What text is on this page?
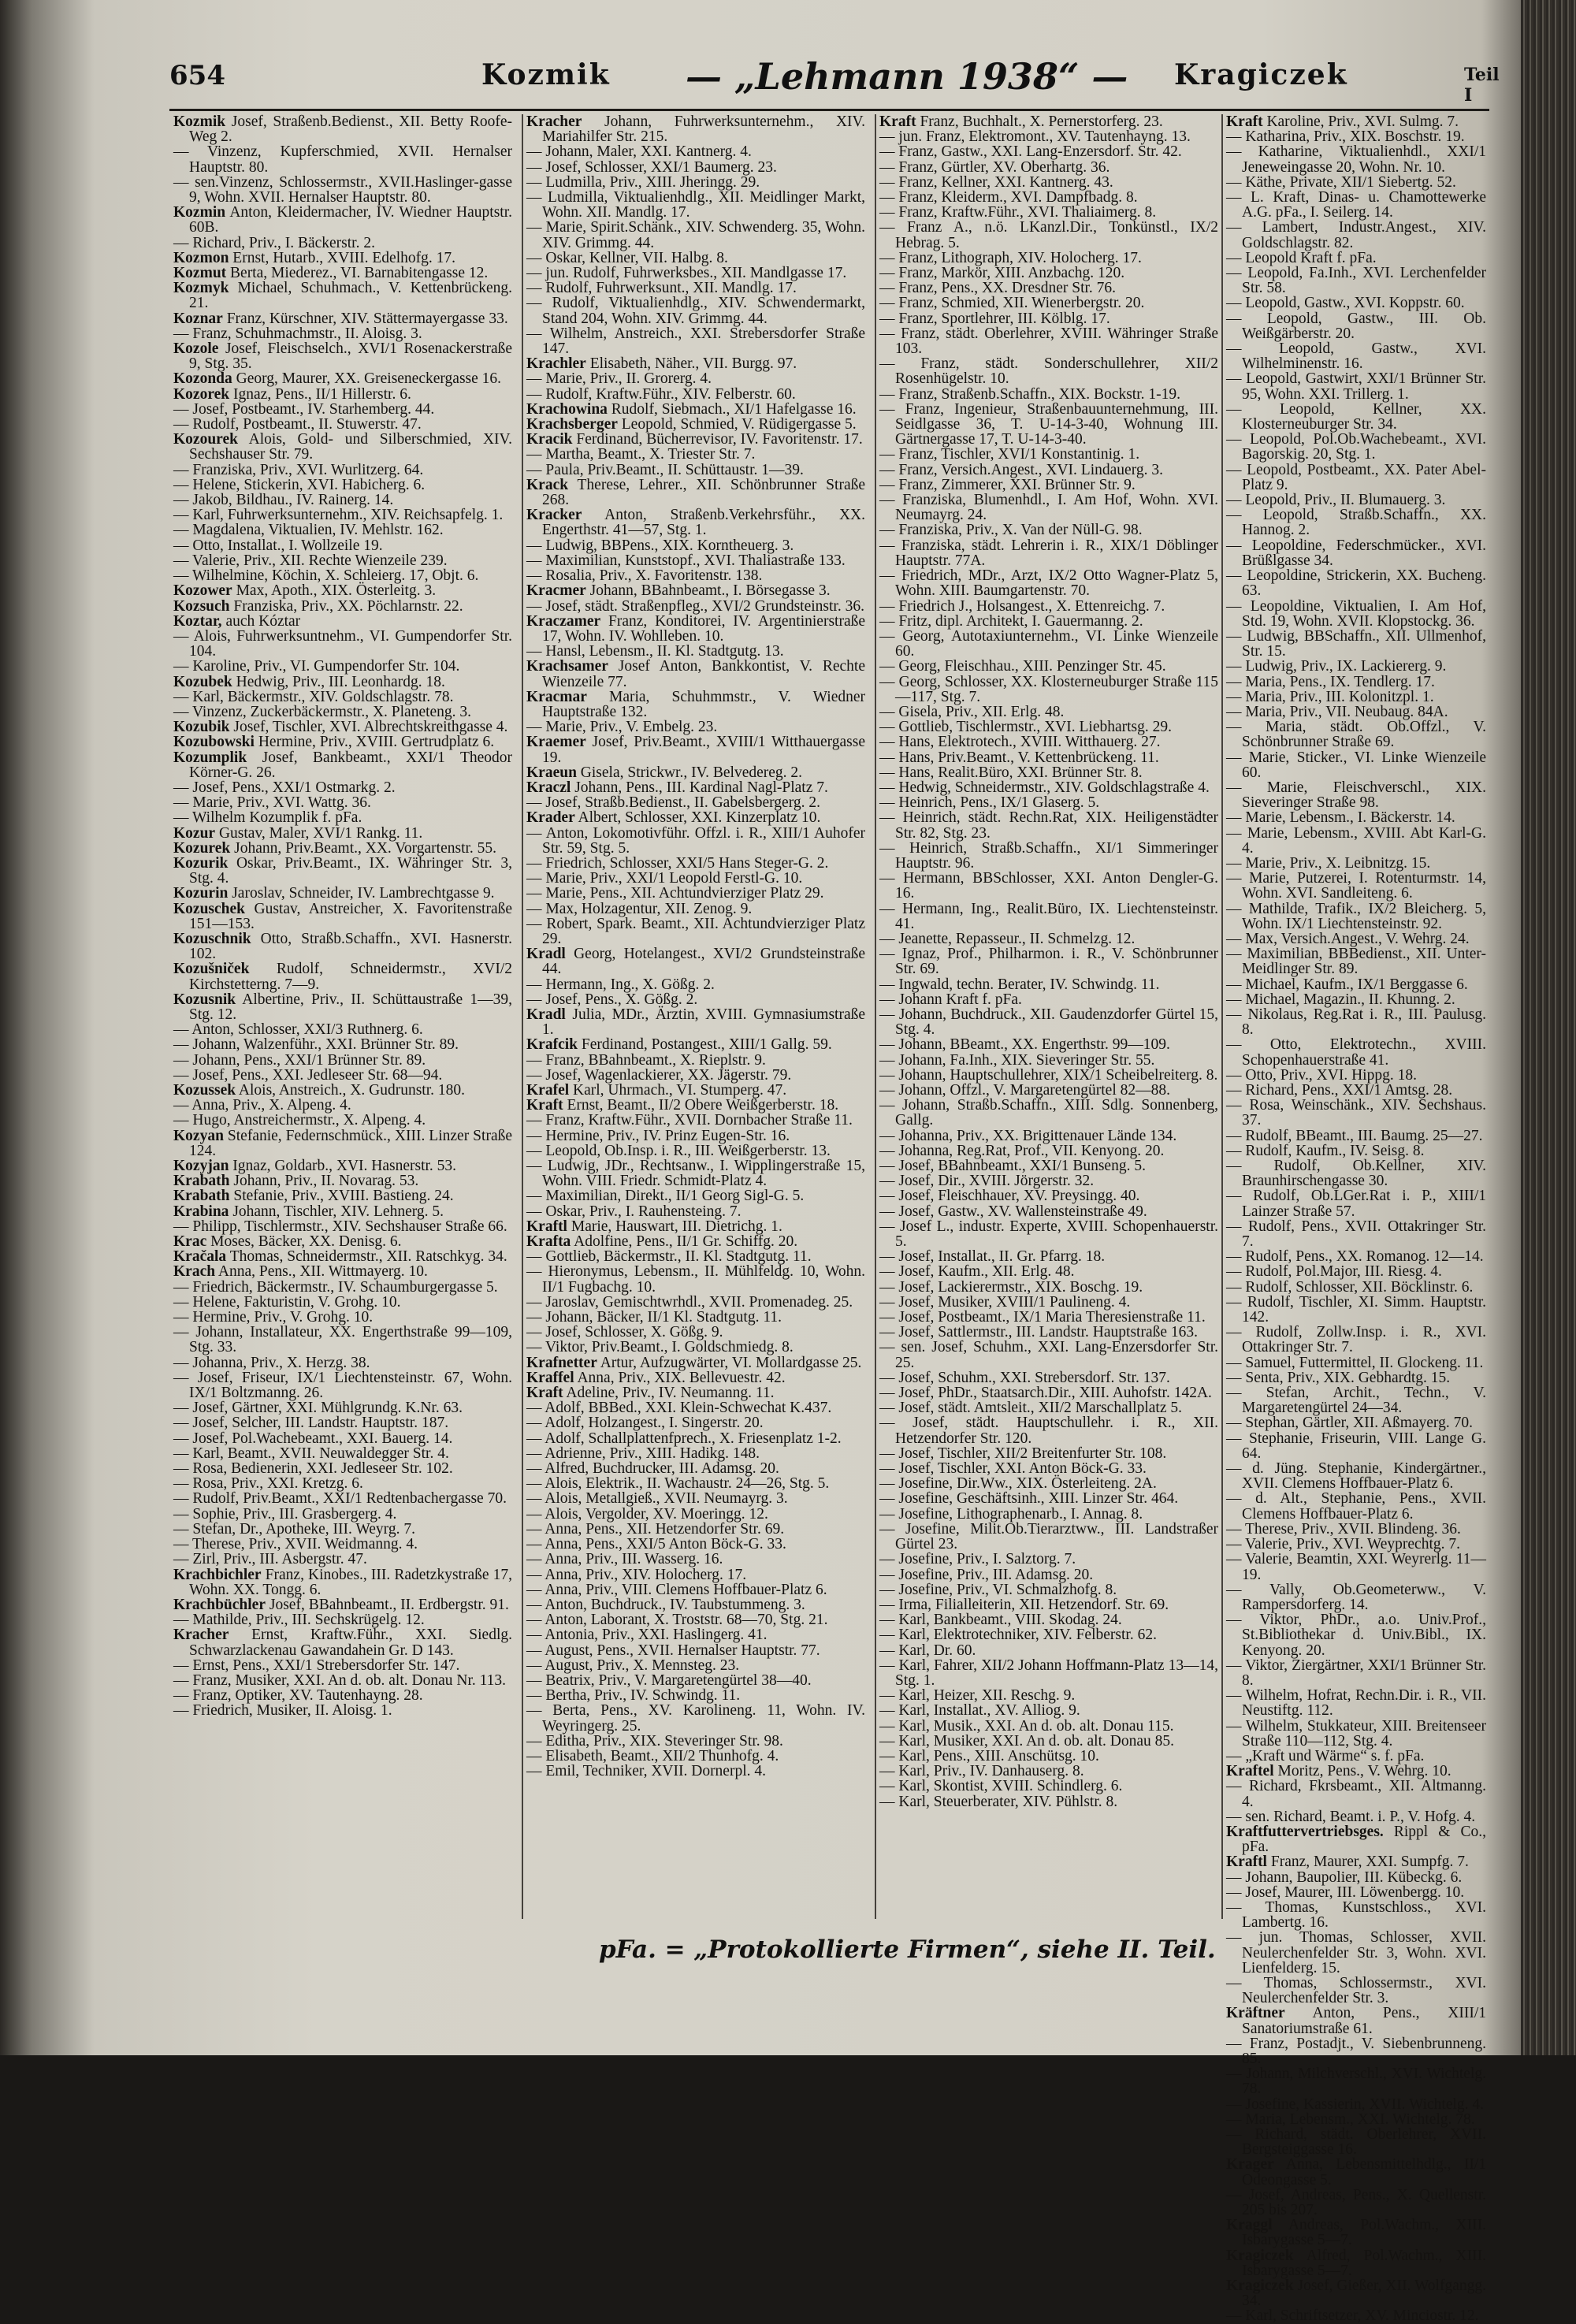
654	Kozmik — „Lehmann 1938“ — Kragiczek	Teil I
Kozmik Josef, Straßenb.Bedienst., XII. Betty Roofe-Weg 2.
— Vinzenz, Kupferschmied, XVII. Hernalser Hauptstr. 80.
— sen.Vinzenz, Schlossermstr., XVII.Haslinger-gasse 9, Wohn. XVII. Hernalser Hauptstr. 80.
Kozmin Anton, Kleidermacher, IV. Wiedner Hauptstr. 60B.
— Richard, Priv., I. Bäckerstr. 2.
Kozmon Ernst, Hutarb., XVIII. Edelhofg. 17.
Kozmut Berta, Miederez., VI. Barnabitengasse 12.
Kozmyk Michael, Schuhmach., V. Kettenbrückeng. 21.
Koznar Franz, Kürschner, XIV. Stättermayergasse 33.
— Franz, Schuhmachmstr., II. Aloisg. 3.
Kozole Josef, Fleischselch., XVI/1 Rosenackerstraße 9, Stg. 35.
Kozonda Georg, Maurer, XX. Greiseneckergasse 16.
Kozorek Ignaz, Pens., II/1 Hillerstr. 6.
— Josef, Postbeamt., IV. Starhemberg. 44.
— Rudolf, Postbeamt., II. Stuwerstr. 47.
Kozourek Alois, Gold- und Silberschmied, XIV. Sechshauser Str. 79.
— Franziska, Priv., XVI. Wurlitzerg. 64.
— Helene, Stickerin, XVI. Habicherg. 6.
— Jakob, Bildhau., IV. Rainerg. 14.
— Karl, Fuhrwerksunternehm., XIV. Reichsapfelg. 1.
— Magdalena, Viktualien, IV. Mehlstr. 162.
— Otto, Installat., I. Wollzeile 19.
— Valerie, Priv., XII. Rechte Wienzeile 239.
— Wilhelmine, Köchin, X. Schleierg. 17, Objt. 6.
Kozower Max, Apoth., XIX. Österleitg. 3.
Kozsuch Franziska, Priv., XX. Pöchlarnstr. 22.
Koztar, auch Kóztar
— Alois, Fuhrwerksuntnehm., VI. Gumpendorfer Str. 104.
— Karoline, Priv., VI. Gumpendorfer Str. 104.
Kozubek Hedwig, Priv., III. Leonhardg. 18.
— Karl, Bäckermstr., XIV. Goldschlagstr. 78.
— Vinzenz, Zuckerbäckermstr., X. Planeteng. 3.
Kozubik Josef, Tischler, XVI. Albrechtskreithgasse 4.
Kozubowski Hermine, Priv., XVIII. Gertrudplatz 6.
Kozumplik Josef, Bankbeamt., XXI/1 Theodor Körner-G. 26.
— Josef, Pens., XXI/1 Ostmarkg. 2.
— Marie, Priv., XVI. Wattg. 36.
— Wilhelm Kozumplik f. pFa.
Kozur Gustav, Maler, XVI/1 Rankg. 11.
Kozurek Johann, Priv.Beamt., XX. Vorgartenstr. 55.
Kozurik Oskar, Priv.Beamt., IX. Währinger Str. 3, Stg. 4.
Kozurin Jaroslav, Schneider, IV. Lambrechtgasse 9.
Kozuschek Gustav, Anstreicher, X. Favoritenstraße 151—153.
Kozuschnik Otto, Straßb.Schaffn., XVI. Hasnerstr. 102.
Kozušniček Rudolf, Schneidermstr., XVI/2 Kirchstetterng. 7—9.
Kozusnik Albertine, Priv., II. Schüttaustraße 1—39, Stg. 12.
— Anton, Schlosser, XXI/3 Ruthnerg. 6.
— Johann, Walzenführ., XXI. Brünner Str. 89.
— Johann, Pens., XXI/1 Brünner Str. 89.
— Josef, Pens., XXI. Jedleseer Str. 68—94.
Kozussek Alois, Anstreich., X. Gudrunstr. 180.
— Anna, Priv., X. Alpeng. 4.
— Hugo, Anstreichermstr., X. Alpeng. 4.
Kozyan Stefanie, Federnschmück., XIII. Linzer Straße 124.
Kozyjan Ignaz, Goldarb., XVI. Hasnerstr. 53.
Krabath Johann, Priv., II. Novarag. 53.
Krabath Stefanie, Priv., XVIII. Bastieng. 24.
Krabina Johann, Tischler, XIV. Lehnerg. 5.
— Philipp, Tischlermstr., XIV. Sechshauser Straße 66.
Krac Moses, Bäcker, XX. Denisg. 6.
Kračala Thomas, Schneidermstr., XII. Ratschkyg. 34.
Krach Anna, Pens., XII. Wittmayerg. 10.
— Friedrich, Bäckermstr., IV. Schaumburgergasse 5.
— Helene, Fakturistin, V. Grohg. 10.
— Hermine, Priv., V. Grohg. 10.
— Johann, Installateur, XX. Engerthstraße 99—109, Stg. 33.
— Johanna, Priv., X. Herzg. 38.
— Josef, Friseur, IX/1 Liechtensteinstr. 67, Wohn. IX/1 Boltzmanng. 26.
— Josef, Gärtner, XXI. Mühlgrundg. K.Nr. 63.
— Josef, Selcher, III. Landstr. Hauptstr. 187.
— Josef, Pol.Wachebeamt., XXI. Bauerg. 14.
— Karl, Beamt., XVII. Neuwaldegger Str. 4.
— Rosa, Bedienerin, XXI. Jedleseer Str. 102.
— Rosa, Priv., XXI. Kretzg. 6.
— Rudolf, Priv.Beamt., XXI/1 Redtenbachergasse 70.
— Sophie, Priv., III. Grasbergerg. 4.
— Stefan, Dr., Apotheke, III. Weyrg. 7.
— Therese, Priv., XVII. Weidmanng. 4.
— Zirl, Priv., III. Asbergstr. 47.
Krachbichler Franz, Kinobes., III. Radetzkystraße 17, Wohn. XX. Tongg. 6.
Krachbüchler Josef, BBahnbeamt., II. Erdbergstr. 91.
— Mathilde, Priv., III. Sechskrügelg. 12.
Kracher Ernst, Kraftw.Führ., XXI. Siedlg. Schwarzlackenau Gawandahein Gr. D 143.
— Ernst, Pens., XXI/1 Strebersdorfer Str. 147.
— Franz, Musiker, XXI. An d. ob. alt. Donau Nr. 113.
— Franz, Optiker, XV. Tautenhayng. 28.
— Friedrich, Musiker, II. Aloisg. 1.
Kracher Johann, Fuhrwerksunternehm., XIV. Mariahilfer Str. 215.
— Johann, Maler, XXI. Kantnerg. 4.
— Josef, Schlosser, XXI/1 Baumerg. 23.
— Ludmilla, Priv., XIII. Jheringg. 29.
— Ludmilla, Viktualienhdlg., XII. Meidlinger Markt, Wohn. XII. Mandlg. 17.
— Marie, Spirit.Schänk., XIV. Schwenderg. 35, Wohn. XIV. Grimmg. 44.
— Oskar, Kellner, VII. Halbg. 8.
— jun. Rudolf, Fuhrwerksbes., XII. Mandlgasse 17.
— Rudolf, Fuhrwerksunt., XII. Mandlg. 17.
— Rudolf, Viktualienhdlg., XIV. Schwendermarkt, Stand 204, Wohn. XIV. Grimmg. 44.
— Wilhelm, Anstreich., XXI. Strebersdorfer Straße 147.
Krachler Elisabeth, Näher., VII. Burgg. 97.
— Marie, Priv., II. Grorerg. 4.
— Rudolf, Kraftw.Führ., XIV. Felberstr. 60.
Krachowina Rudolf, Siebmach., XI/1 Hafelgasse 16.
Krachsberger Leopold, Schmied, V. Rüdigergasse 5.
Kracik Ferdinand, Bücherrevisor, IV. Favoritenstr. 17.
— Martha, Beamt., X. Triester Str. 7.
— Paula, Priv.Beamt., II. Schüttaustr. 1—39.
Krack Therese, Lehrer., XII. Schönbrunner Straße 268.
Kracker Anton, Straßenb.Verkehrsführ., XX. Engerthstr. 41—57, Stg. 1.
— Ludwig, BBPens., XIX. Korntheuerg. 3.
— Maximilian, Kunststopf., XVI. Thaliastraße 133.
— Rosalia, Priv., X. Favoritenstr. 138.
Kracmer Johann, BBahnbeamt., I. Börsegasse 3.
— Josef, städt. Straßenpfleg., XVI/2 Grundsteinstr. 36.
Kraczamer Franz, Konditorei, IV. Argentinierstraße 17, Wohn. IV. Wohlleben. 10.
— Hansl, Lebensm., II. Kl. Stadtgutg. 13.
Krachsamer Josef Anton, Bankkontist, V. Rechte Wienzeile 77.
Kracmar Maria, Schuhmmstr., V. Wiedner Hauptstraße 132.
— Marie, Priv., V. Embelg. 23.
Kraemer Josef, Priv.Beamt., XVIII/1 Witthauergasse 19.
Kraeun Gisela, Strickwr., IV. Belvedereg. 2.
Kraczl Johann, Pens., III. Kardinal Nagl-Platz 7.
— Josef, Straßb.Bedienst., II. Gabelsbergerg. 2.
Krader Albert, Schlosser, XXI. Kinzerplatz 10.
— Anton, Lokomotivführ. Offzl. i. R., XIII/1 Auhofer Str. 59, Stg. 5.
— Friedrich, Schlosser, XXI/5 Hans Steger-G. 2.
— Marie, Priv., XXI/1 Leopold Ferstl-G. 10.
— Marie, Pens., XII. Achtundvierziger Platz 29.
— Max, Holzagentur, XII. Zenog. 9.
— Robert, Spark. Beamt., XII. Achtundvierziger Platz 29.
Kradl Georg, Hotelangest., XVI/2 Grundsteinstraße 44.
— Hermann, Ing., X. Gößg. 2.
— Josef, Pens., X. Gößg. 2.
Kradl Julia, MDr., Ärztin, XVIII. Gymnasiumstraße 1.
Krafcik Ferdinand, Postangest., XIII/1 Gallg. 59.
— Franz, BBahnbeamt., X. Rieplstr. 9.
— Josef, Wagenlackierer, XX. Jägerstr. 79.
Krafel Karl, Uhrmach., VI. Stumperg. 47.
Kraft Ernst, Beamt., II/2 Obere Weißgerberstr. 18.
— Franz, Kraftw.Führ., XVII. Dornbacher Straße 11.
— Hermine, Priv., IV. Prinz Eugen-Str. 16.
— Leopold, Ob.Insp. i. R., III. Weißgerberstr. 13.
— Ludwig, JDr., Rechtsanw., I. Wipplingerstraße 15, Wohn. VIII. Friedr. Schmidt-Platz 4.
— Maximilian, Direkt., II/1 Georg Sigl-G. 5.
— Oskar, Priv., I. Rauhensteing. 7.
Kraftl Marie, Hauswart, III. Dietrichg. 1.
Krafta Adolfine, Pens., II/1 Gr. Schiffg. 20.
— Gottlieb, Bäckermstr., II. Kl. Stadtgutg. 11.
— Hieronymus, Lebensm., II. Mühlfeldg. 10, Wohn. II/1 Fugbachg. 10.
— Jaroslav, Gemischtwrhdl., XVII. Promenadeg. 25.
— Johann, Bäcker, II/1 Kl. Stadtgutg. 11.
— Josef, Schlosser, X. Gößg. 9.
— Viktor, Priv.Beamt., I. Goldschmiedg. 8.
Krafnetter Artur, Aufzugwärter, VI. Mollardgasse 25.
Kraffel Anna, Priv., XIX. Bellevuestr. 42.
Kraft Adeline, Priv., IV. Neumanng. 11.
— Adolf, BBBed., XXI. Klein-Schwechat K.437.
— Adolf, Holzangest., I. Singerstr. 20.
— Adolf, Schallplattenfprech., X. Friesenplatz 1-2.
— Adrienne, Priv., XIII. Hadikg. 148.
— Alfred, Buchdrucker, III. Adamsg. 20.
— Alois, Elektrik., II. Wachaustr. 24—26, Stg. 5.
— Alois, Metallgieß., XVII. Neumayrg. 3.
— Alois, Vergolder, XV. Moeringg. 12.
— Anna, Pens., XII. Hetzendorfer Str. 69.
— Anna, Pens., XXI/5 Anton Böck-G. 33.
— Anna, Priv., III. Wasserg. 16.
— Anna, Priv., XIV. Holocherg. 17.
— Anna, Priv., VIII. Clemens Hoffbauer-Platz 6.
— Anton, Buchdruck., IV. Taubstummeng. 3.
— Anton, Laborant, X. Troststr. 68—70, Stg. 21.
— Antonia, Priv., XXI. Haslingerg. 41.
— August, Pens., XVII. Hernalser Hauptstr. 77.
— August, Priv., X. Mennsteg. 23.
— Beatrix, Priv., V. Margaretengürtel 38—40.
— Bertha, Priv., IV. Schwindg. 11.
— Berta, Pens., XV. Karolineng. 11, Wohn. IV. Weyringerg. 25.
— Editha, Priv., XIX. Steveringer Str. 98.
— Elisabeth, Beamt., XII/2 Thunhofg. 4.
— Emil, Techniker, XVII. Dornerpl. 4.
Kraft Franz, Buchhalt., X. Pernerstorferg. 23.
— jun. Franz, Elektromont., XV. Tautenhayng. 13.
— Franz, Gastw., XXI. Lang-Enzersdorf. Str. 42.
— Franz, Gürtler, XV. Oberhartg. 36.
— Franz, Kellner, XXI. Kantnerg. 43.
— Franz, Kleiderm., XVI. Dampfbadg. 8.
— Franz, Kraftw.Führ., XVI. Thaliaimerg. 8.
— Franz A., n.ö. LKanzl.Dir., Tonkünstl., IX/2 Hebrag. 5.
— Franz, Lithograph, XIV. Holocherg. 17.
— Franz, Markör, XIII. Anzbachg. 120.
— Franz, Pens., XX. Dresdner Str. 76.
— Franz, Schmied, XII. Wienerbergstr. 20.
— Franz, Sportlehrer, III. Kölblg. 17.
— Franz, städt. Oberlehrer, XVIII. Währinger Straße 103.
— Franz, städt. Sonderschullehrer, XII/2 Rosenhügelstr. 10.
— Franz, Straßenb.Schaffn., XIX. Bockstr. 1-19.
— Franz, Ingenieur, Straßenbauunternehmung, III. Seidlgasse 36, T. U-14-3-40, Wohnung III. Gärtnergasse 17, T. U-14-3-40.
— Franz, Tischler, XVI/1 Konstantinig. 1.
— Franz, Versich.Angest., XVI. Lindauerg. 3.
— Franz, Zimmerer, XXI. Brünner Str. 9.
— Franziska, Blumenhdl., I. Am Hof, Wohn. XVI. Neumayrg. 24.
— Franziska, Priv., X. Van der Nüll-G. 98.
— Franziska, städt. Lehrerin i. R., XIX/1 Döblinger Hauptstr. 77A.
— Friedrich, MDr., Arzt, IX/2 Otto Wagner-Platz 5, Wohn. XIII. Baumgartenstr. 70.
— Friedrich J., Holsangest., X. Ettenreichg. 7.
— Fritz, dipl. Architekt, I. Gauermanng. 2.
— Georg, Autotaxiunternehm., VI. Linke Wienzeile 60.
— Georg, Fleischhau., XIII. Penzinger Str. 45.
— Georg, Schlosser, XX. Klosterneuburger Straße 115—117, Stg. 7.
— Gisela, Priv., XII. Erlg. 48.
— Gottlieb, Tischlermstr., XVI. Liebhartsg. 29.
— Hans, Elektrotech., XVIII. Witthauerg. 27.
— Hans, Priv.Beamt., V. Kettenbrückeng. 11.
— Hans, Realit.Büro, XXI. Brünner Str. 8.
— Hedwig, Schneidermstr., XIV. Goldschlagstraße 4.
— Heinrich, Pens., IX/1 Glaserg. 5.
— Heinrich, städt. Rechn.Rat, XIX. Heiligenstädter Str. 82, Stg. 23.
— Heinrich, Straßb.Schaffn., XI/1 Simmeringer Hauptstr. 96.
— Hermann, BBSchlosser, XXI. Anton Dengler-G. 16.
— Hermann, Ing., Realit.Büro, IX. Liechtensteinstr. 41.
— Jeanette, Repasseur., II. Schmelzg. 12.
— Ignaz, Prof., Philharmon. i. R., V. Schönbrunner Str. 69.
— Ingwald, techn. Berater, IV. Schwindg. 11.
— Johann Kraft f. pFa.
— Johann, Buchdruck., XII. Gaudenzdorfer Gürtel 15, Stg. 4.
— Johann, BBeamt., XX. Engerthstr. 99—109.
— Johann, Fa.Inh., XIX. Sieveringer Str. 55.
— Johann, Hauptschullehrer, XIX/1 Scheibelreiterg. 8.
— Johann, Offzl., V. Margaretengürtel 82—88.
— Johann, Straßb.Schaffn., XIII. Sdlg. Sonnenberg, Gallg.
— Johanna, Priv., XX. Brigittenauer Lände 134.
— Johanna, Reg.Rat, Prof., VII. Kenyong. 20.
— Josef, BBahnbeamt., XXI/1 Bunseng. 5.
— Josef, Dir., XVIII. Jörgerstr. 32.
— Josef, Fleischhauer, XV. Preysingg. 40.
— Josef, Gastw., XV. Wallensteinstraße 49.
— Josef L., industr. Experte, XVIII. Schopenhauerstr. 5.
— Josef, Installat., II. Gr. Pfarrg. 18.
— Josef, Kaufm., XII. Erlg. 48.
— Josef, Lackierermstr., XIX. Boschg. 19.
— Josef, Musiker, XVIII/1 Paulineng. 4.
— Josef, Postbeamt., IX/1 Maria Theresienstraße 11.
— Josef, Sattlermstr., III. Landstr. Hauptstraße 163.
— sen. Josef, Schuhm., XXI. Lang-Enzersdorfer Str. 25.
— Josef, Schuhm., XXI. Strebersdorf. Str. 137.
— Josef, PhDr., Staatsarch.Dir., XIII. Auhofstr. 142A.
— Josef, städt. Amtsleit., XII/2 Marschallplatz 5.
— Josef, städt. Hauptschullehr. i. R., XII. Hetzendorfer Str. 120.
— Josef, Tischler, XII/2 Breitenfurter Str. 108.
— Josef, Tischler, XXI. Anton Böck-G. 33.
— Josefine, Dir.Ww., XIX. Österleiteng. 2A.
— Josefine, Geschäftsinh., XIII. Linzer Str. 464.
— Josefine, Lithographenarb., I. Annag. 8.
— Josefine, Milit.Ob.Tierarztww., III. Landstraßer Gürtel 23.
— Josefine, Priv., I. Salztorg. 7.
— Josefine, Priv., III. Adamsg. 20.
— Josefine, Priv., VI. Schmalzhofg. 8.
— Irma, Filialleiterin, XII. Hetzendorf. Str. 69.
— Karl, Bankbeamt., VIII. Skodag. 24.
— Karl, Elektrotechniker, XIV. Felberstr. 62.
— Karl, Dr. 60.
— Karl, Fahrer, XII/2 Johann Hoffmann-Platz 13—14, Stg. 1.
— Karl, Heizer, XII. Reschg. 9.
— Karl, Installat., XV. Alliog. 9.
— Karl, Musik., XXI. An d. ob. alt. Donau 115.
— Karl, Musiker, XXI. An d. ob. alt. Donau 85.
— Karl, Pens., XIII. Anschütsg. 10.
— Karl, Priv., IV. Danhauserg. 8.
— Karl, Skontist, XVIII. Schindlerg. 6.
— Karl, Steuerberater, XIV. Pühlstr. 8.
Kraft Karoline, Priv., XVI. Sulmg. 7.
— Katharina, Priv., XIX. Boschstr. 19.
— Katharine, Viktualienhdl., XXI/1 Jeneweingasse 20, Wohn. Nr. 10.
— Käthe, Private, XII/1 Siebertg. 52.
— L. Kraft, Dinas- u. Chamottewerke A.G. pFa., I. Seilerg. 14.
— Lambert, Industr.Angest., XIV. Goldschlagstr. 82.
— Leopold Kraft f. pFa.
— Leopold, Fa.Inh., XVI. Lerchenfelder Str. 58.
— Leopold, Gastw., XVI. Koppstr. 60.
— Leopold, Gastw., III. Ob. Weißgärberstr. 20.
— Leopold, Gastw., XVI. Wilhelminenstr. 16.
— Leopold, Gastwirt, XXI/1 Brünner Str. 95, Wohn. XXI. Trillerg. 1.
— Leopold, Kellner, XX. Klosterneuburger Str. 34.
— Leopold, Pol.Ob.Wachebeamt., XVI. Bagorskig. 20, Stg. 1.
— Leopold, Postbeamt., XX. Pater Abel-Platz 9.
— Leopold, Priv., II. Blumauerg. 3.
— Leopold, Straßb.Schaffn., XX. Hannog. 2.
— Leopoldine, Federschmücker., XVI. Brüßlgasse 34.
— Leopoldine, Strickerin, XX. Bucheng. 63.
— Leopoldine, Viktualien, I. Am Hof, Std. 19, Wohn. XVII. Klopstockg. 36.
— Ludwig, BBSchaffn., XII. Ullmenhof, Str. 15.
— Ludwig, Priv., IX. Lackiererg. 9.
— Maria, Pens., IX. Tendlerg. 17.
— Maria, Priv., III. Kolonitzpl. 1.
— Maria, Priv., VII. Neubaug. 84A.
— Maria, städt. Ob.Offzl., V. Schönbrunner Straße 69.
— Marie, Sticker., VI. Linke Wienzeile 60.
— Marie, Fleischverschl., XIX. Sieveringer Straße 98.
— Marie, Lebensm., I. Bäckerstr. 14.
— Marie, Lebensm., XVIII. Abt Karl-G. 4.
— Marie, Priv., X. Leibnitzg. 15.
— Marie, Putzerei, I. Rotenturmstr. 14, Wohn. XVI. Sandleiteng. 6.
— Mathilde, Trafik., IX/2 Bleicherg. 5, Wohn. IX/1 Liechtensteinstr. 92.
— Max, Versich.Angest., V. Wehrg. 24.
— Maximilian, BBBedienst., XII. Unter-Meidlinger Str. 89.
— Michael, Kaufm., IX/1 Berggasse 6.
— Michael, Magazin., II. Khunng. 2.
— Nikolaus, Reg.Rat i. R., III. Paulusg. 8.
— Otto, Elektrotechn., XVIII. Schopenhauerstraße 41.
— Otto, Priv., XVI. Hippg. 18.
— Richard, Pens., XXI/1 Amtsg. 28.
— Rosa, Weinschänk., XIV. Sechshaus. 37.
— Rudolf, BBeamt., III. Baumg. 25—27.
— Rudolf, Kaufm., IV. Seisg. 8.
— Rudolf, Ob.Kellner, XIV. Braunhirschengasse 30.
— Rudolf, Ob.LGer.Rat i. P., XIII/1 Lainzer Straße 57.
— Rudolf, Pens., XVII. Ottakringer Str. 7.
— Rudolf, Pens., XX. Romanog. 12—14.
— Rudolf, Pol.Major, III. Riesg. 4.
— Rudolf, Schlosser, XII. Böcklinstr. 6.
— Rudolf, Tischler, XI. Simm. Hauptstr. 142.
— Rudolf, Zollw.Insp. i. R., XVI. Ottakringer Str. 7.
— Samuel, Futtermittel, II. Glockeng. 11.
— Senta, Priv., XIX. Gebhardtg. 15.
— Stefan, Archit., Techn., V. Margaretengürtel 24—34.
— Stephan, Gärtler, XII. Aßmayerg. 70.
— Stephanie, Friseurin, VIII. Lange G. 64.
— d. Jüng. Stephanie, Kindergärtner., XVII. Clemens Hoffbauer-Platz 6.
— d. Alt., Stephanie, Pens., XVII. Clemens Hoffbauer-Platz 6.
— Therese, Priv., XVII. Blindeng. 36.
— Valerie, Priv., XVI. Weyprechtg. 7.
— Valerie, Beamtin, XXI. Weyrerlg. 11—19.
— Vally, Ob.Geometerww., V. Rampersdorferg. 14.
— Viktor, PhDr., a.o. Univ.Prof., St.Bibliothekar d. Univ.Bibl., IX. Kenyong. 20.
— Viktor, Ziergärtner, XXI/1 Brünner Str. 8.
— Wilhelm, Hofrat, Rechn.Dir. i. R., VII. Neustiftg. 112.
— Wilhelm, Stukkateur, XIII. Breitenseer Straße 110—112, Stg. 4.
— „Kraft und Wärme“ s. f. pFa.
Kraftel Moritz, Pens., V. Wehrg. 10.
— Richard, Fkrsbeamt., XII. Altmanng. 4.
— sen. Richard, Beamt. i. P., V. Hofg. 4.
Kraftfuttervertriebsges. Rippl & Co., pFa.
Kraftl Franz, Maurer, XXI. Sumpfg. 7.
— Johann, Baupolier, III. Kübeckg. 6.
— Josef, Maurer, III. Löwenbergg. 10.
— Thomas, Kunstschloss., XVI. Lambertg. 16.
— jun. Thomas, Schlosser, XVII. Neulerchenfelder Str. 3, Wohn. XVI. Lienfelderg. 15.
— Thomas, Schlossermstr., XVI. Neulerchenfelder Str. 3.
Kräftner Anton, Pens., XIII/1 Sanatoriumstraße 61.
— Franz, Postadjt., V. Siebenbrunneng. 85.
— Johann, Milchverschl., XVI. Wichtelg. 78.
— Josefine, Kassierin, XVII. Wichtelg. 4.
— Maria, Lebensm., XXI. Wichtelg. 78.
— Richard, städt. Oberlehrer, XVII. Bergsteiggasse 16.
Krager Anna, Lebensmittelhdlg., II/1 Odeongasse 5.
— Josef, Andreas, Pens., X. Quellenstr. 205 bis 207.
Kraggl Andreas, Pol.Wachm., XIII. Isbarygasse 5—7.
Kragiczek Alfred, Pol.Wachm., XIII. Isbarygasse 5—7.
Kragiczek Josef, Gießer, XII. Wolfgangg. 34.
— Karl, Schriftsetzer, XV. Minciostr. 12.
pFa. = „Protokollierte Firmen“, siehe II. Teil.
